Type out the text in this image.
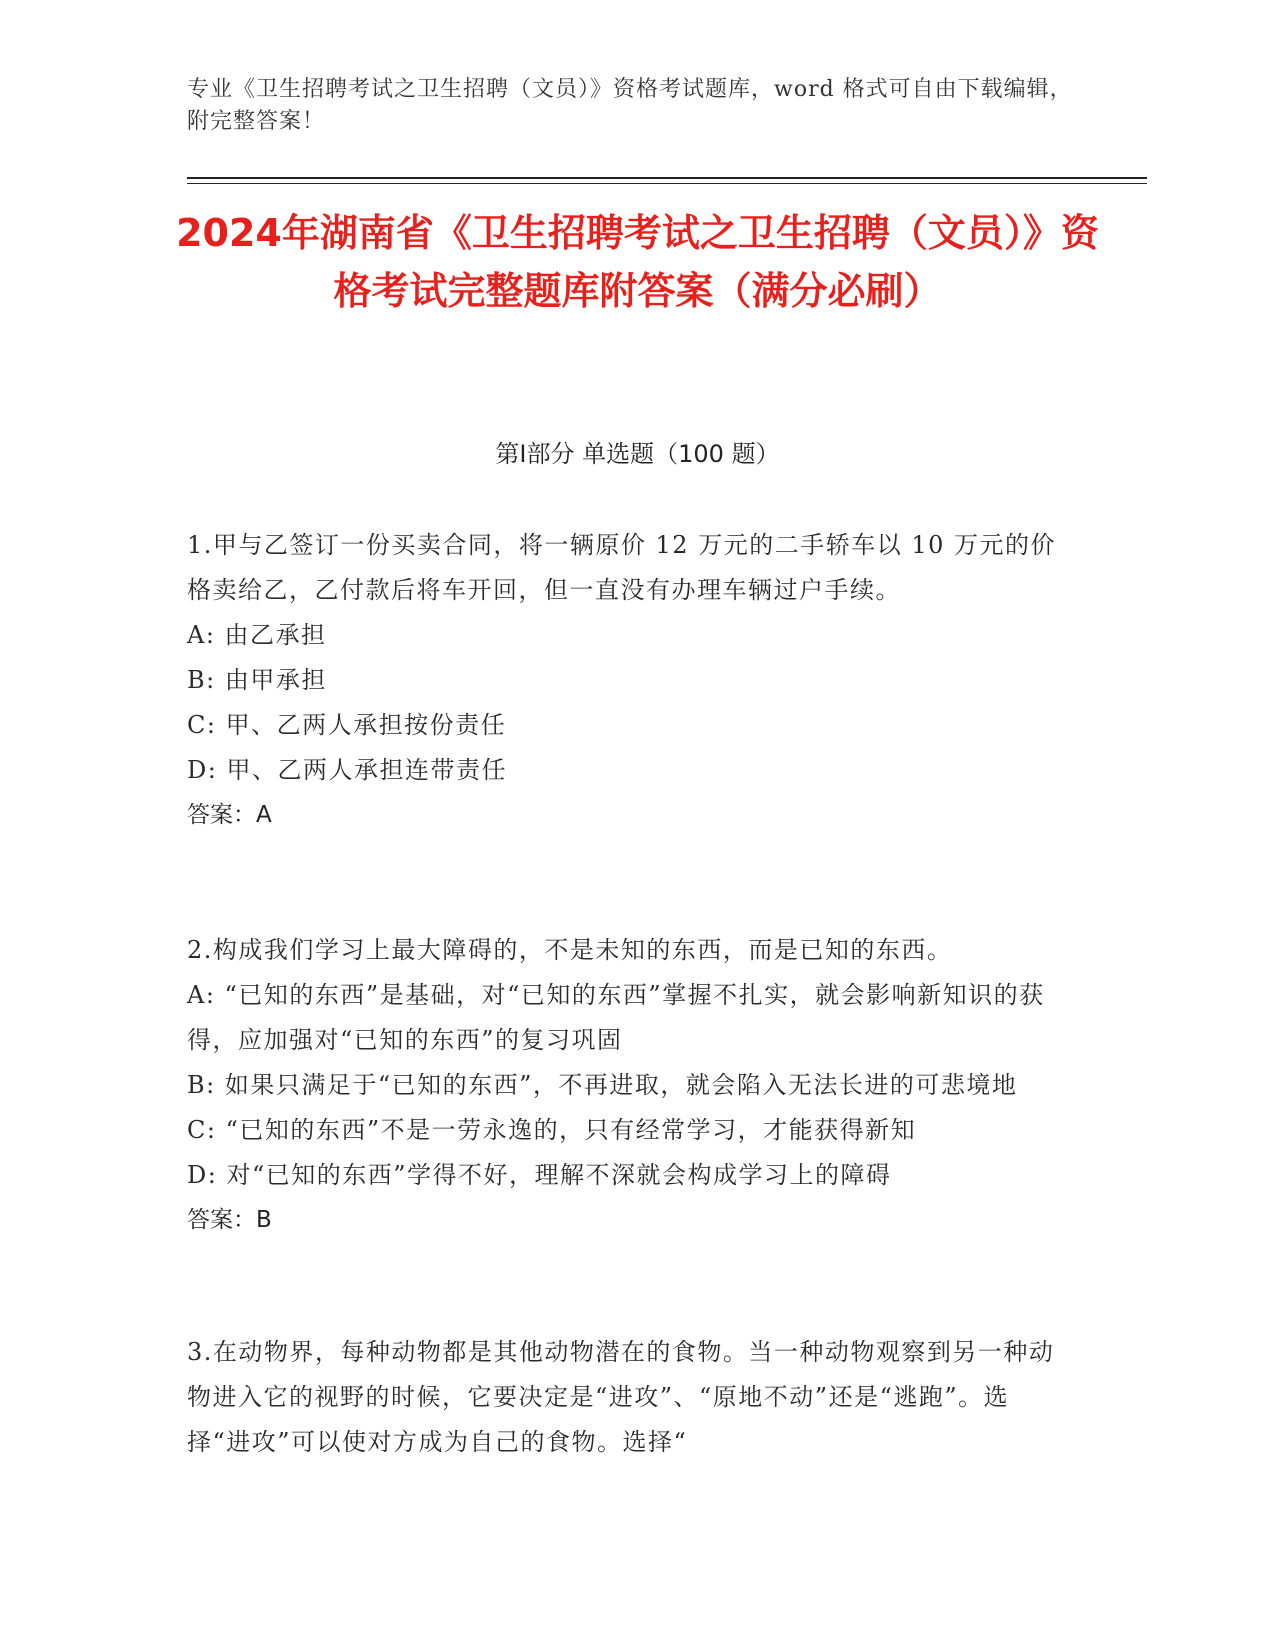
专业《卫生招聘考试之卫生招聘（文员）》资格考试题库，word 格式可自由下载编辑，附完整答案！
2024年湖南省《卫生招聘考试之卫生招聘（文员）》资格考试完整题库附答案（满分必刷）
第Ⅰ部分 单选题（100 题）
1.甲与乙签订一份买卖合同，将一辆原价 12 万元的二手轿车以 10 万元的价格卖给乙，乙付款后将车开回，但一直没有办理车辆过户手续。
A: 由乙承担
B: 由甲承担
C: 甲、乙两人承担按份责任
D: 甲、乙两人承担连带责任
答案：A
2.构成我们学习上最大障碍的，不是未知的东西，而是已知的东西。
A: “已知的东西”是基础，对“已知的东西”掌握不扎实，就会影响新知识的获得，应加强对“已知的东西”的复习巩固
B: 如果只满足于“已知的东西”，不再进取，就会陷入无法长进的可悲境地
C: “已知的东西”不是一劳永逸的，只有经常学习，才能获得新知
D: 对“已知的东西”学得不好，理解不深就会构成学习上的障碍
答案：B
3.在动物界，每种动物都是其他动物潜在的食物。当一种动物观察到另一种动物进入它的视野的时候，它要决定是“进攻”、“原地不动”还是“逃跑”。选择“进攻”可以使对方成为自己的食物。选择“
